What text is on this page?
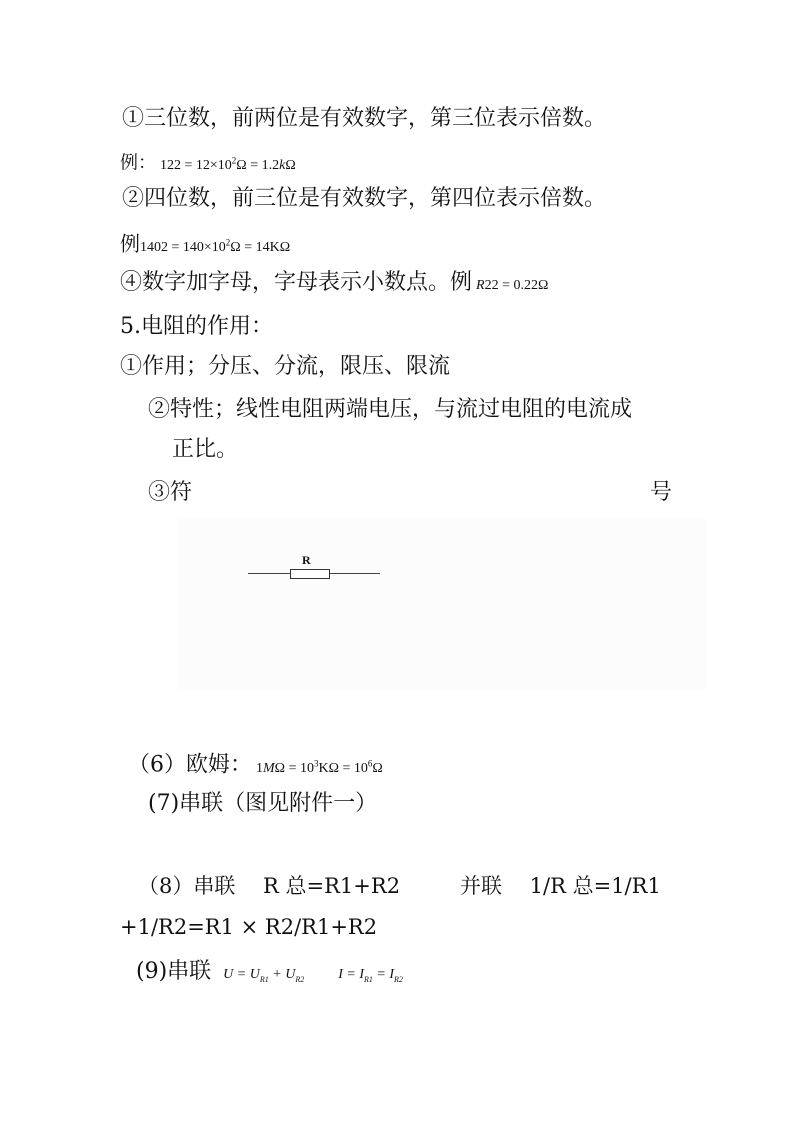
①三位数，前两位是有效数字，第三位表示倍数。
例： $122 = 12\times 10^2\Omega = 1.2k\Omega$
②四位数，前三位是有效数字，第四位表示倍数。
例$1402 = 140\times 10^2\Omega = 14K\Omega$
④数字加字母，字母表示小数点。例 R22 = 0.22Ω
5.电阻的作用：
①作用；分压、分流，限压、限流
②特性；线性电阻两端电压，与流过电阻的电流成
正比。
③符	号
R
（6）欧姆： $1M\Omega = 10^3K\Omega = 10^6\Omega$
(7)串联（图见附件一）
（8）串联　 R 总=R1+R2	并联　 1/R 总=1/R1
+1/R2=R1 × R2/R1+R2
(9)串联 $U = U_{R1} + U_{R2}$ $I = I_{R1} = I_{R2}$
